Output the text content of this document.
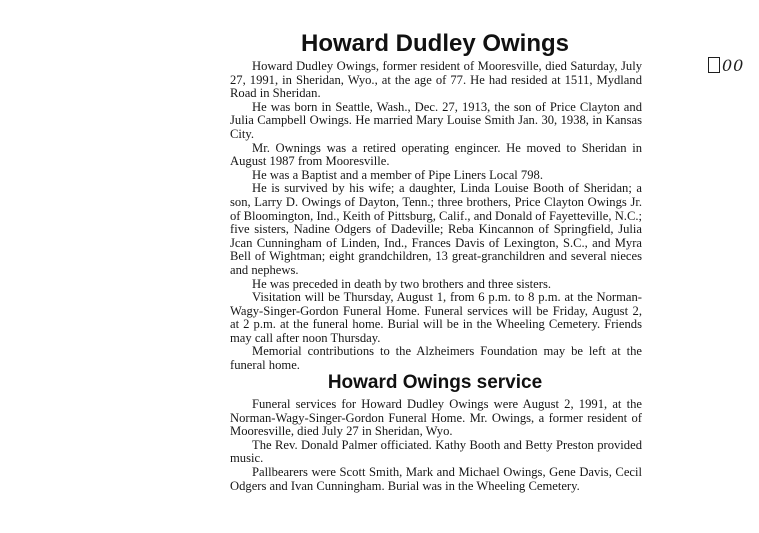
Howard Dudley Owings

Howard Dudley Owings, former resident of Mooresville, died Saturday, July 27, 1991, in Sheridan, Wyo., at the age of 77. He had resided at 1511, Mydland Road in Sheridan.

He was born in Seattle, Wash., Dec. 27, 1913, the son of Price Clayton and Julia Campbell Owings. He married Mary Louise Smith Jan. 30, 1938, in Kansas City.

Mr. Ownings was a retired operating engincer. He moved to Sheridan in August 1987 from Mooresville.

He was a Baptist and a member of Pipe Liners Local 798.

He is survived by his wife; a daughter, Linda Louise Booth of Sheridan; a son, Larry D. Owings of Dayton, Tenn.; three brothers, Price Clayton Owings Jr. of Bloomington, Ind., Keith of Pittsburg, Calif., and Donald of Fayetteville, N.C.; five sisters, Nadine Odgers of Dadeville; Reba Kincannon of Springfield, Julia Jcan Cunningham of Linden, Ind., Frances Davis of Lexington, S.C., and Myra Bell of Wightman; eight grandchildren, 13 great-granchildren and several nieces and nephews.

He was preceded in death by two brothers and three sisters.

Visitation will be Thursday, August 1, from 6 p.m. to 8 p.m. at the Norman-Wagy-Singer-Gordon Funeral Home. Funeral services will be Friday, August 2, at 2 p.m. at the funeral home. Burial will be in the Wheeling Cemetery. Friends may call after noon Thursday.

Memorial contributions to the Alzheimers Foundation may be left at the funeral home.

Howard Owings service

Funeral services for Howard Dudley Owings were August 2, 1991, at the Norman-Wagy-Singer-Gordon Funeral Home. Mr. Owings, a former resident of Mooresville, died July 27 in Sheridan, Wyo.

The Rev. Donald Palmer officiated. Kathy Booth and Betty Preston provided music.

Pallbearers were Scott Smith, Mark and Michael Owings, Gene Davis, Cecil Odgers and Ivan Cunningham. Burial was in the Wheeling Cemetery.

00
